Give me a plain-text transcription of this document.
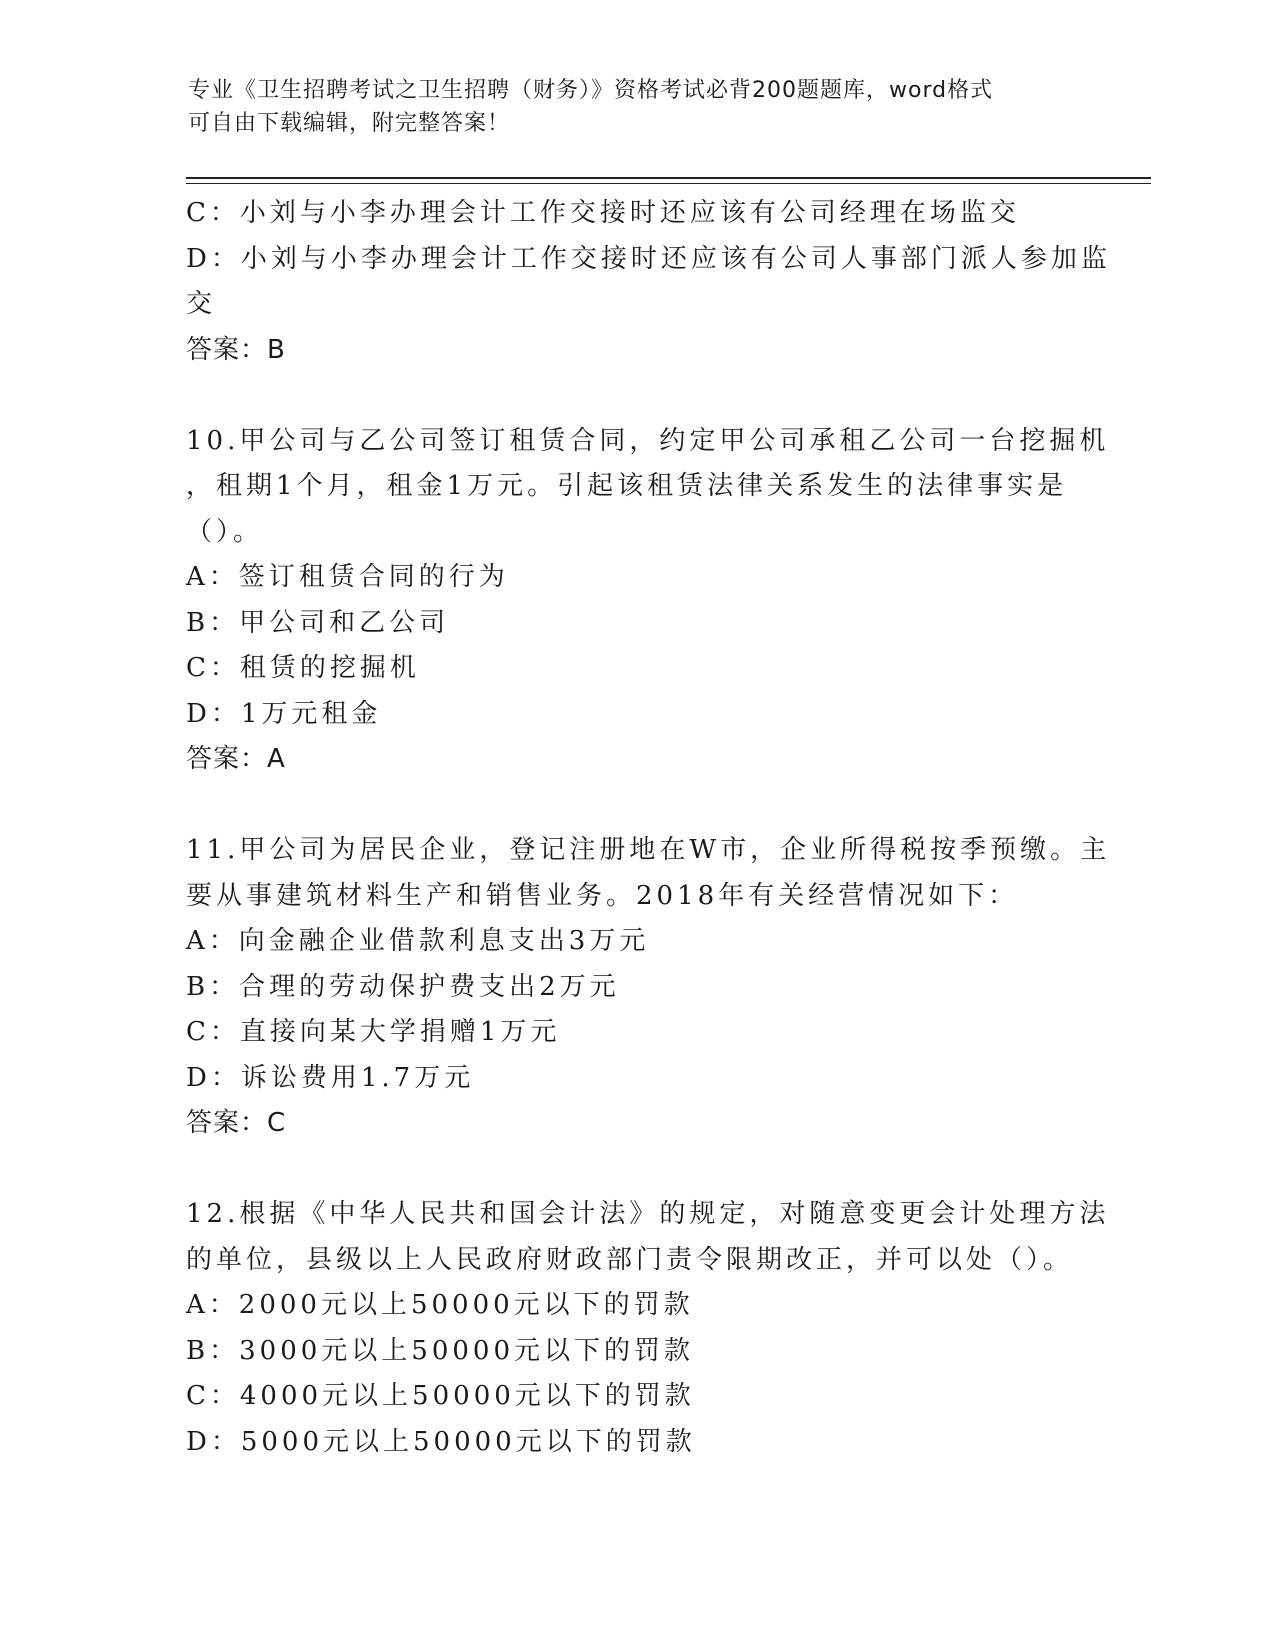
专业《卫生招聘考试之卫生招聘（财务）》资格考试必背200题题库，word格式
可自由下载编辑，附完整答案！
C：小刘与小李办理会计工作交接时还应该有公司经理在场监交
D：小刘与小李办理会计工作交接时还应该有公司人事部门派人参加监
交
答案：B
10.甲公司与乙公司签订租赁合同，约定甲公司承租乙公司一台挖掘机
，租期1个月，租金1万元。引起该租赁法律关系发生的法律事实是
（）。
A：签订租赁合同的行为
B：甲公司和乙公司
C：租赁的挖掘机
D：1万元租金
答案：A
11.甲公司为居民企业，登记注册地在W市，企业所得税按季预缴。主
要从事建筑材料生产和销售业务。2018年有关经营情况如下：
A：向金融企业借款利息支出3万元
B：合理的劳动保护费支出2万元
C：直接向某大学捐赠1万元
D：诉讼费用1.7万元
答案：C
12.根据《中华人民共和国会计法》的规定，对随意变更会计处理方法
的单位，县级以上人民政府财政部门责令限期改正，并可以处（）。
A：2000元以上50000元以下的罚款
B：3000元以上50000元以下的罚款
C：4000元以上50000元以下的罚款
D：5000元以上50000元以下的罚款
